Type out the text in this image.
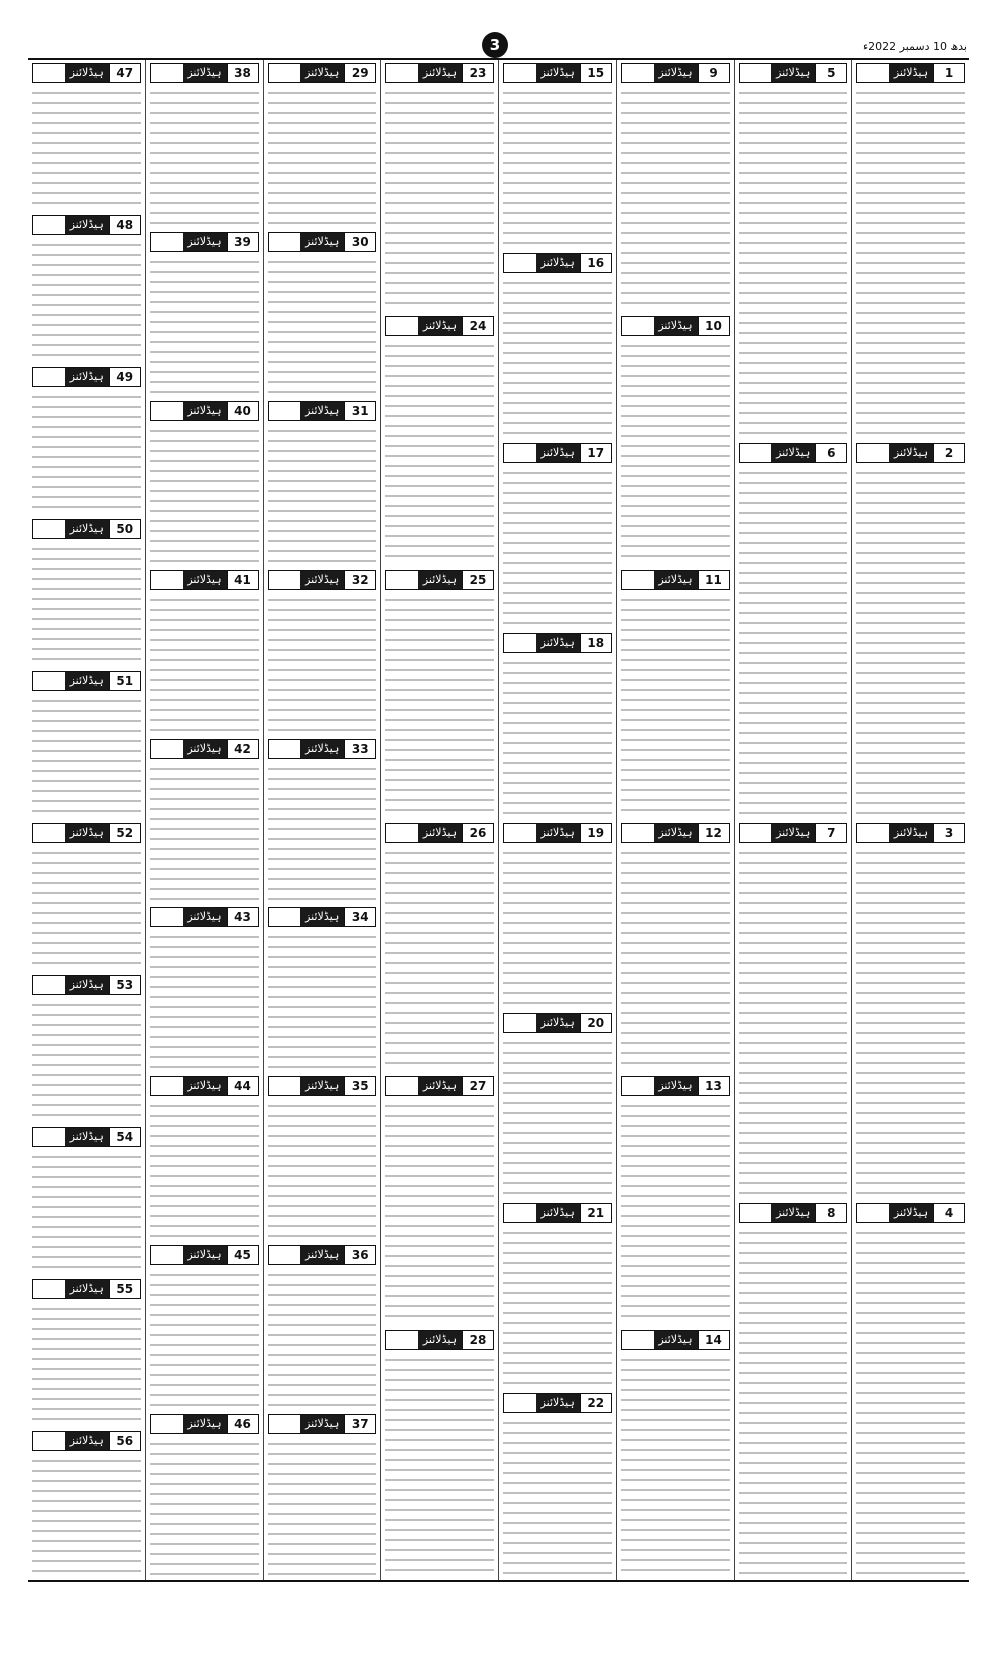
بدھ 10 دسمبر 2022ء
3
1
ہیڈلائنز
2
ہیڈلائنز
3
ہیڈلائنز
4
ہیڈلائنز
5
ہیڈلائنز
6
ہیڈلائنز
7
ہیڈلائنز
8
ہیڈلائنز
9
ہیڈلائنز
10
ہیڈلائنز
11
ہیڈلائنز
12
ہیڈلائنز
13
ہیڈلائنز
14
ہیڈلائنز
15
ہیڈلائنز
16
ہیڈلائنز
17
ہیڈلائنز
18
ہیڈلائنز
19
ہیڈلائنز
20
ہیڈلائنز
21
ہیڈلائنز
22
ہیڈلائنز
23
ہیڈلائنز
24
ہیڈلائنز
25
ہیڈلائنز
26
ہیڈلائنز
27
ہیڈلائنز
28
ہیڈلائنز
29
ہیڈلائنز
30
ہیڈلائنز
31
ہیڈلائنز
32
ہیڈلائنز
33
ہیڈلائنز
34
ہیڈلائنز
35
ہیڈلائنز
36
ہیڈلائنز
37
ہیڈلائنز
38
ہیڈلائنز
39
ہیڈلائنز
40
ہیڈلائنز
41
ہیڈلائنز
42
ہیڈلائنز
43
ہیڈلائنز
44
ہیڈلائنز
45
ہیڈلائنز
46
ہیڈلائنز
47
ہیڈلائنز
48
ہیڈلائنز
49
ہیڈلائنز
50
ہیڈلائنز
51
ہیڈلائنز
52
ہیڈلائنز
53
ہیڈلائنز
54
ہیڈلائنز
55
ہیڈلائنز
56
ہیڈلائنز
